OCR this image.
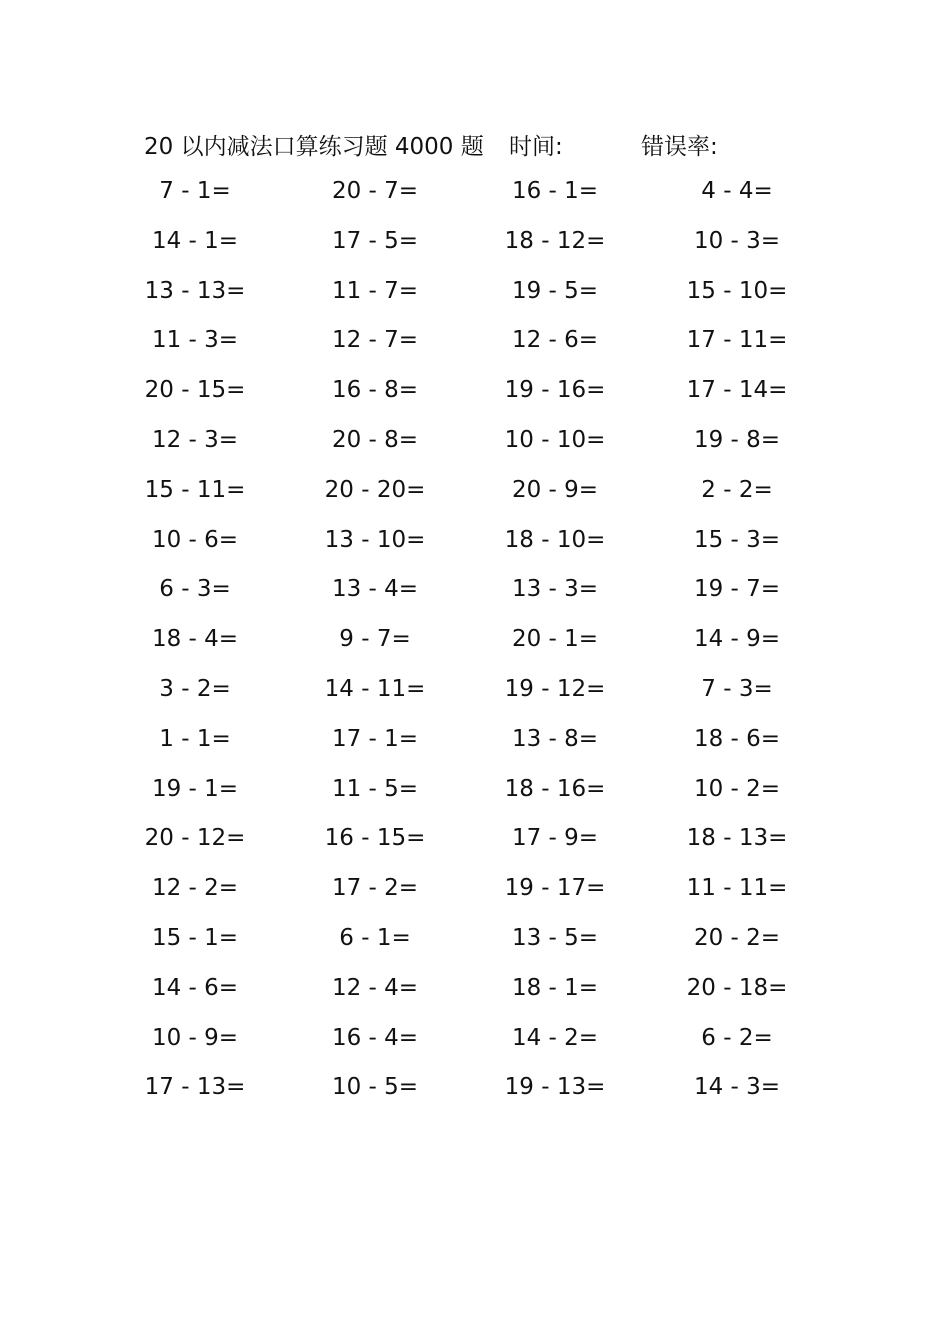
20 以内减法口算练习题 4000 题 时间:	错误率:
7 - 1=	20 - 7=	16 - 1=	4 - 4=
14 - 1=	17 - 5=	18 - 12=	10 - 3=
13 - 13=	11 - 7=	19 - 5=	15 - 10=
11 - 3=	12 - 7=	12 - 6=	17 - 11=
20 - 15=	16 - 8=	19 - 16=	17 - 14=
12 - 3=	20 - 8=	10 - 10=	19 - 8=
15 - 11=	20 - 20=	20 - 9=	2 - 2=
10 - 6=	13 - 10=	18 - 10=	15 - 3=
6 - 3=	13 - 4=	13 - 3=	19 - 7=
18 - 4=	9 - 7=	20 - 1=	14 - 9=
3 - 2=	14 - 11=	19 - 12=	7 - 3=
1 - 1=	17 - 1=	13 - 8=	18 - 6=
19 - 1=	11 - 5=	18 - 16=	10 - 2=
20 - 12=	16 - 15=	17 - 9=	18 - 13=
12 - 2=	17 - 2=	19 - 17=	11 - 11=
15 - 1=	6 - 1=	13 - 5=	20 - 2=
14 - 6=	12 - 4=	18 - 1=	20 - 18=
10 - 9=	16 - 4=	14 - 2=	6 - 2=
17 - 13=	10 - 5=	19 - 13=	14 - 3=
